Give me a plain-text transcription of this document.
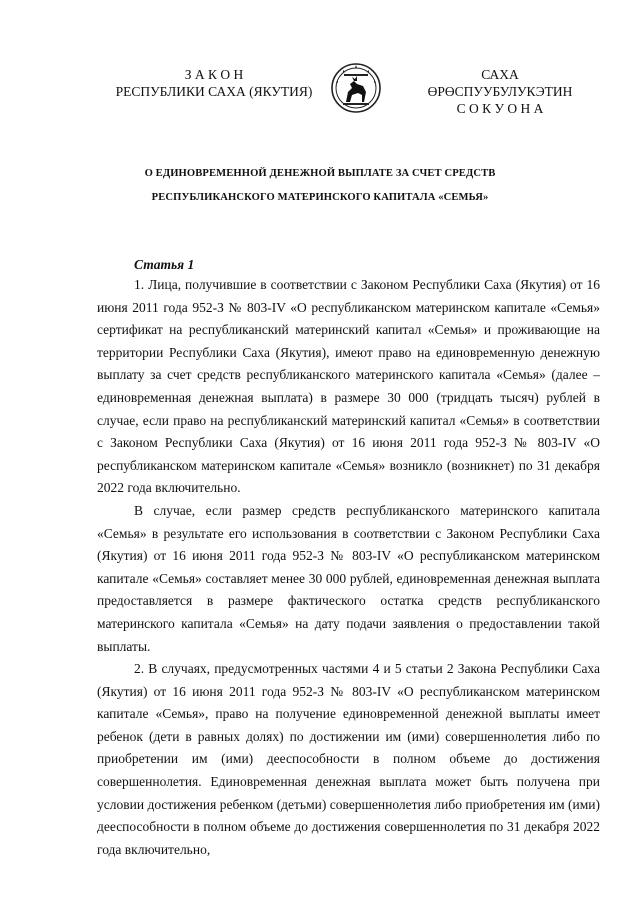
З А К О Н
РЕСПУБЛИКИ САХА (ЯКУТИЯ)
САХА ӨРӨСПУУБУЛУКЭТИН
С О К У О Н А
О ЕДИНОВРЕМЕННОЙ ДЕНЕЖНОЙ ВЫПЛАТЕ ЗА СЧЕТ СРЕДСТВ
РЕСПУБЛИКАНСКОГО МАТЕРИНСКОГО КАПИТАЛА «СЕМЬЯ»
Статья 1

1. Лица, получившие в соответствии с Законом Республики Саха (Якутия) от 16 июня 2011 года 952-З № 803-IV «О республиканском материнском капитале «Семья» сертификат на республиканский материнский капитал «Семья» и проживающие на территории Республики Саха (Якутия), имеют право на единовременную денежную выплату за счет средств республиканского материнского капитала «Семья» (далее – единовременная денежная выплата) в размере 30 000 (тридцать тысяч) рублей в случае, если право на республиканский материнский капитал «Семья» в соответствии с Законом Республики Саха (Якутия) от 16 июня 2011 года 952-З № 803-IV «О республиканском материнском капитале «Семья» возникло (возникнет) по 31 декабря 2022 года включительно.

В случае, если размер средств республиканского материнского капитала «Семья» в результате его использования в соответствии с Законом Республики Саха (Якутия) от 16 июня 2011 года 952-З № 803-IV «О республиканском материнском капитале «Семья» составляет менее 30 000 рублей, единовременная денежная выплата предоставляется в размере фактического остатка средств республиканского материнского капитала «Семья» на дату подачи заявления о предоставлении такой выплаты.

2. В случаях, предусмотренных частями 4 и 5 статьи 2 Закона Республики Саха (Якутия) от 16 июня 2011 года 952-З № 803-IV «О республиканском материнском капитале «Семья», право на получение единовременной денежной выплаты имеет ребенок (дети в равных долях) по достижении им (ими) совершеннолетия либо по приобретении им (ими) дееспособности в полном объеме до достижения совершеннолетия. Единовременная денежная выплата может быть получена при условии достижения ребенком (детьми) совершеннолетия либо приобретения им (ими) дееспособности в полном объеме до достижения совершеннолетия по 31 декабря 2022 года включительно,
